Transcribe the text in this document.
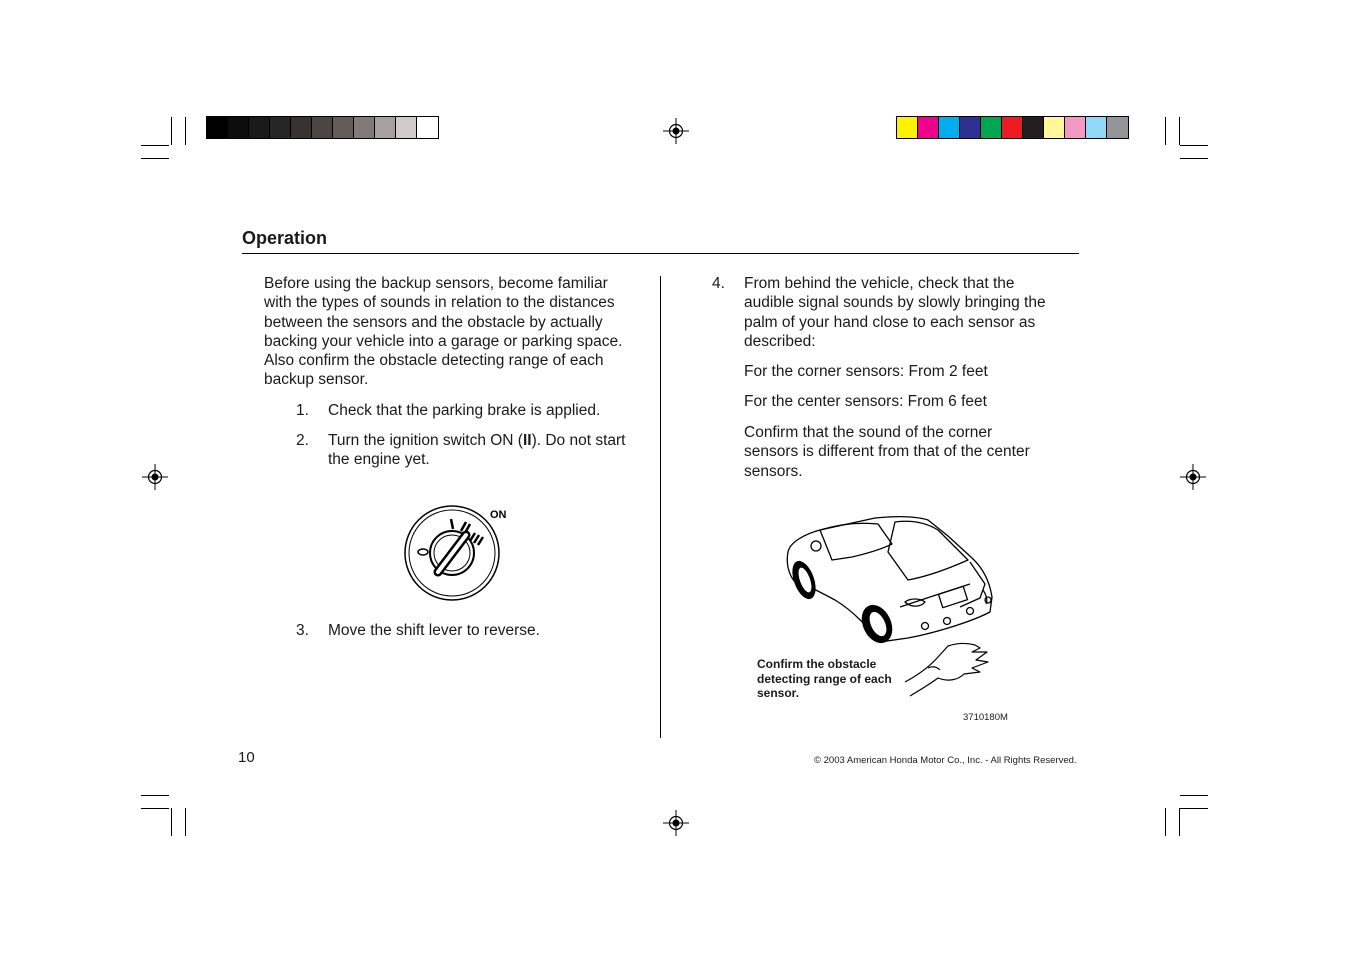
Operation
Before using the backup sensors, become familiar with the types of sounds in relation to the distances between the sensors and the obstacle by actually backing your vehicle into a garage or parking space. Also confirm the obstacle detecting range of each backup sensor.
1. Check that the parking brake is applied.
2. Turn the ignition switch ON (II). Do not start the engine yet.
ON
3. Move the shift lever to reverse.
4. From behind the vehicle, check that the audible signal sounds by slowly bringing the palm of your hand close to each sensor as described:
For the corner sensors: From 2 feet
For the center sensors: From 6 feet
Confirm that the sound of the corner sensors is different from that of the center sensors.
Confirm the obstacle detecting range of each sensor.
3710180M
10	© 2003 American Honda Motor Co., Inc. - All Rights Reserved.
